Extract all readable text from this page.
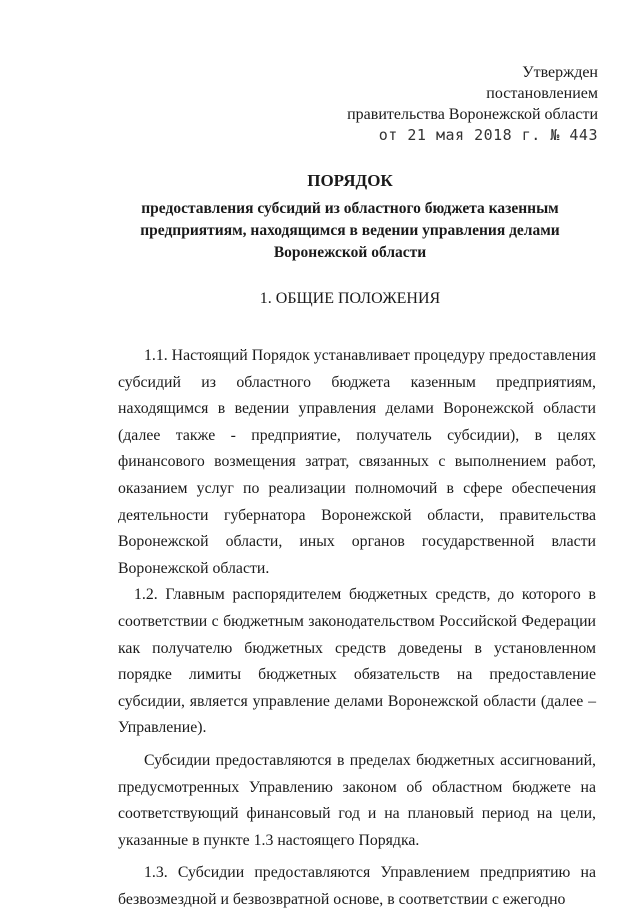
Утвержден
постановлением
правительства Воронежской области
от 21 мая 2018 г. № 443
ПОРЯДОК
предоставления субсидий из областного бюджета казенным предприятиям, находящимся в ведении управления делами Воронежской области
1. ОБЩИЕ ПОЛОЖЕНИЯ

1.1. Настоящий Порядок устанавливает процедуру предоставления субсидий из областного бюджета казенным предприятиям, находящимся в ведении управления делами Воронежской области (далее также - предприятие, получатель субсидии), в целях финансового возмещения затрат, связанных с выполнением работ, оказанием услуг по реализации полномочий в сфере обеспечения деятельности губернатора Воронежской области, правительства Воронежской области, иных органов государственной власти Воронежской области.

1.2. Главным распорядителем бюджетных средств, до которого в соответствии с бюджетным законодательством Российской Федерации как получателю бюджетных средств доведены в установленном порядке лимиты бюджетных обязательств на предоставление субсидии, является управление делами Воронежской области (далее – Управление).

Субсидии предоставляются в пределах бюджетных ассигнований, предусмотренных Управлению законом об областном бюджете на соответствующий финансовый год и на плановый период на цели, указанные в пункте 1.3 настоящего Порядка.

1.3. Субсидии предоставляются Управлением предприятию на безвозмездной и безвозвратной основе, в соответствии с ежегодно
